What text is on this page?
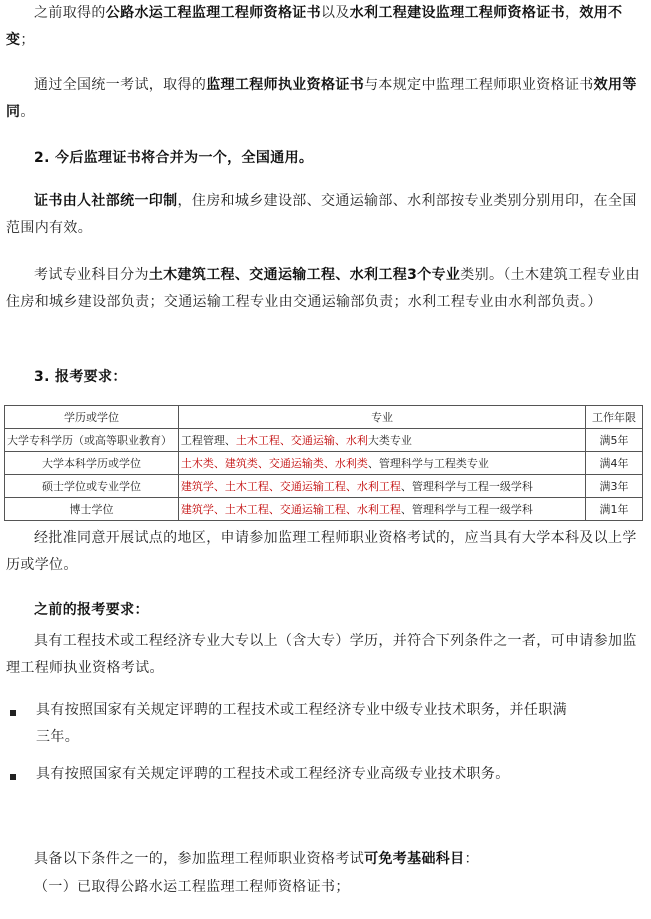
之前取得的公路水运工程监理工程师资格证书以及水利工程建设监理工程师资格证书，效用不变；

通过全国统一考试，取得的监理工程师执业资格证书与本规定中监理工程师职业资格证书效用等同。

2. 今后监理证书将合并为一个，全国通用。

证书由人社部统一印制，住房和城乡建设部、交通运输部、水利部按专业类别分别用印，在全国范围内有效。

考试专业科目分为土木建筑工程、交通运输工程、水利工程3个专业类别。（土木建筑工程专业由住房和城乡建设部负责；交通运输工程专业由交通运输部负责；水利工程专业由水利部负责。）

3. 报考要求：

学历或学位	专业	工作年限
大学专科学历（或高等职业教育）	工程管理、土木工程、交通运输、水利大类专业	满5年
大学本科学历或学位	土木类、建筑类、交通运输类、水利类、管理科学与工程类专业	满4年
硕士学位或专业学位	建筑学、土木工程、交通运输工程、水利工程、管理科学与工程一级学科	满3年
博士学位	建筑学、土木工程、交通运输工程、水利工程、管理科学与工程一级学科	满1年

经批准同意开展试点的地区，申请参加监理工程师职业资格考试的，应当具有大学本科及以上学历或学位。

之前的报考要求：

具有工程技术或工程经济专业大专以上（含大专）学历，并符合下列条件之一者，可申请参加监理工程师执业资格考试。

具有按照国家有关规定评聘的工程技术或工程经济专业中级专业技术职务，并任职满三年。

具有按照国家有关规定评聘的工程技术或工程经济专业高级专业技术职务。

具备以下条件之一的，参加监理工程师职业资格考试可免考基础科目：

（一）已取得公路水运工程监理工程师资格证书；
